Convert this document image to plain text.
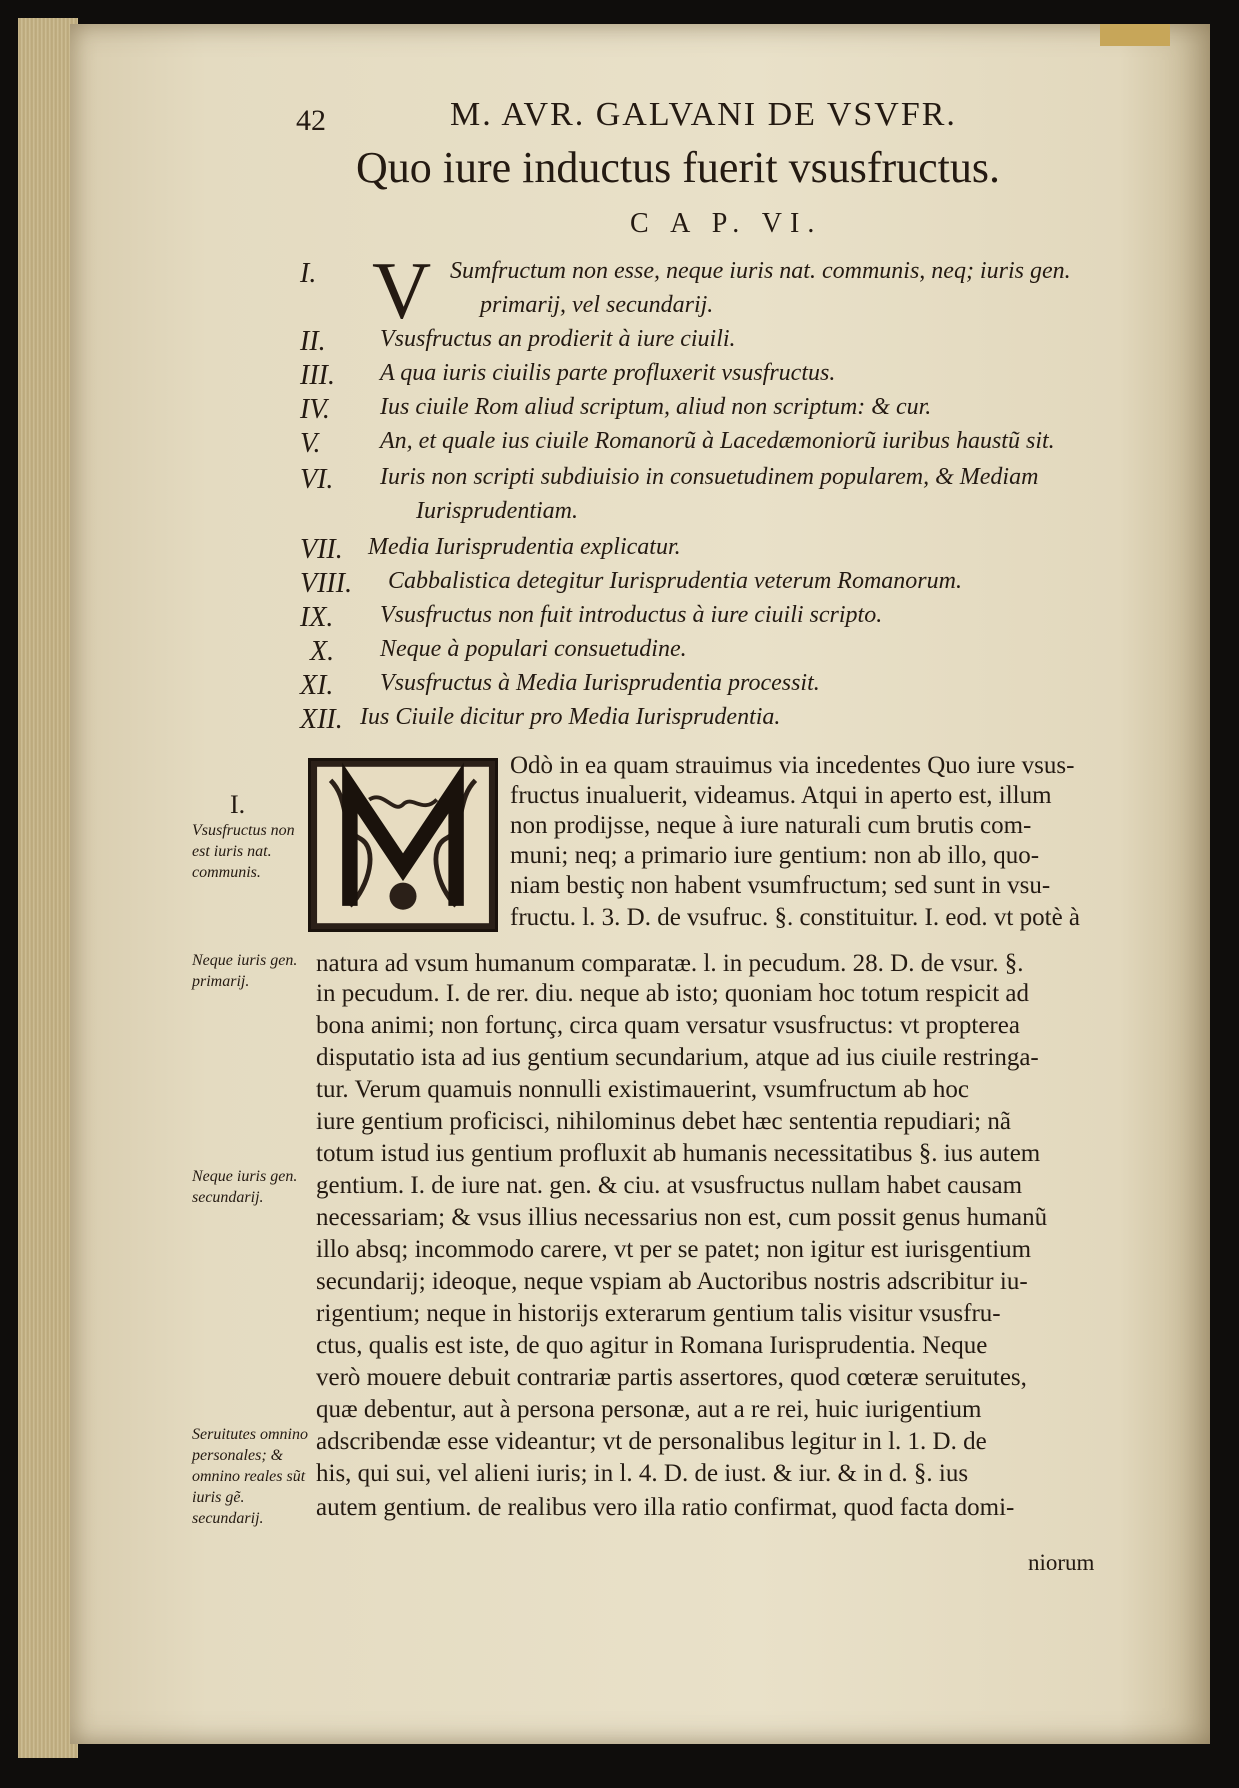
42	M. AVR. GALVANI DE VSVFR.
Quo iure inductus fuerit vsusfructus.
C A P. VI.
V
I.	Sumfructum non esse, neque iuris nat. communis, neq; iuris gen.
primarij, vel secundarij.
II. Vsusfructus an prodierit à iure ciuili.
III. A qua iuris ciuilis parte profluxerit vsusfructus.
IV. Ius ciuile Rom aliud scriptum, aliud non scriptum: & cur.
V. An, et quale ius ciuile Romanorũ à Lacedæmoniorũ iuribus haustũ sit.
VI. Iuris non scripti subdiuisio in consuetudinem popularem, & Mediam
Iurisprudentiam.
VII. Media Iurisprudentia explicatur.
VIII. Cabbalistica detegitur Iurisprudentia veterum Romanorum.
IX. Vsusfructus non fuit introductus à iure ciuili scripto.
X. Neque à populari consuetudine.
XI. Vsusfructus à Media Iurisprudentia processit.
XII. Ius Ciuile dicitur pro Media Iurisprudentia.
I.
Vsusfructus non est iuris nat. communis.
Neque iuris gen. primarij.
Neque iuris gen. secundarij.
Seruitutes omnino personales; & omnino reales sũt iuris gẽ. secundarij.
Odò in ea quam strauimus via incedentes Quo iure vsus-
fructus inualuerit, videamus. Atqui in aperto est, illum
non prodijsse, neque à iure naturali cum brutis com-
muni; neq; a primario iure gentium: non ab illo, quo-
niam bestiç non habent vsumfructum; sed sunt in vsu-
fructu. l. 3. D. de vsufruc. §. constituitur. I. eod. vt potè à
natura ad vsum humanum comparatæ. l. in pecudum. 28. D. de vsur. §.
in pecudum. I. de rer. diu. neque ab isto; quoniam hoc totum respicit ad
bona animi; non fortunç, circa quam versatur vsusfructus: vt propterea
disputatio ista ad ius gentium secundarium, atque ad ius ciuile restringa-
tur. Verum quamuis nonnulli existimauerint, vsumfructum ab hoc
iure gentium proficisci, nihilominus debet hæc sententia repudiari; nã
totum istud ius gentium profluxit ab humanis necessitatibus §. ius autem
gentium. I. de iure nat. gen. & ciu. at vsusfructus nullam habet causam
necessariam; & vsus illius necessarius non est, cum possit genus humanũ
illo absq; incommodo carere, vt per se patet; non igitur est iurisgentium
secundarij; ideoque, neque vspiam ab Auctoribus nostris adscribitur iu-
rigentium; neque in historijs exterarum gentium talis visitur vsusfru-
ctus, qualis est iste, de quo agitur in Romana Iurisprudentia. Neque
verò mouere debuit contrariæ partis assertores, quod cœteræ seruitutes,
quæ debentur, aut à persona personæ, aut a re rei, huic iurigentium
adscribendæ esse videantur; vt de personalibus legitur in l. 1. D. de
his, qui sui, vel alieni iuris; in l. 4. D. de iust. & iur. & in d. §. ius
autem gentium. de realibus vero illa ratio confirmat, quod facta domi-
niorum
